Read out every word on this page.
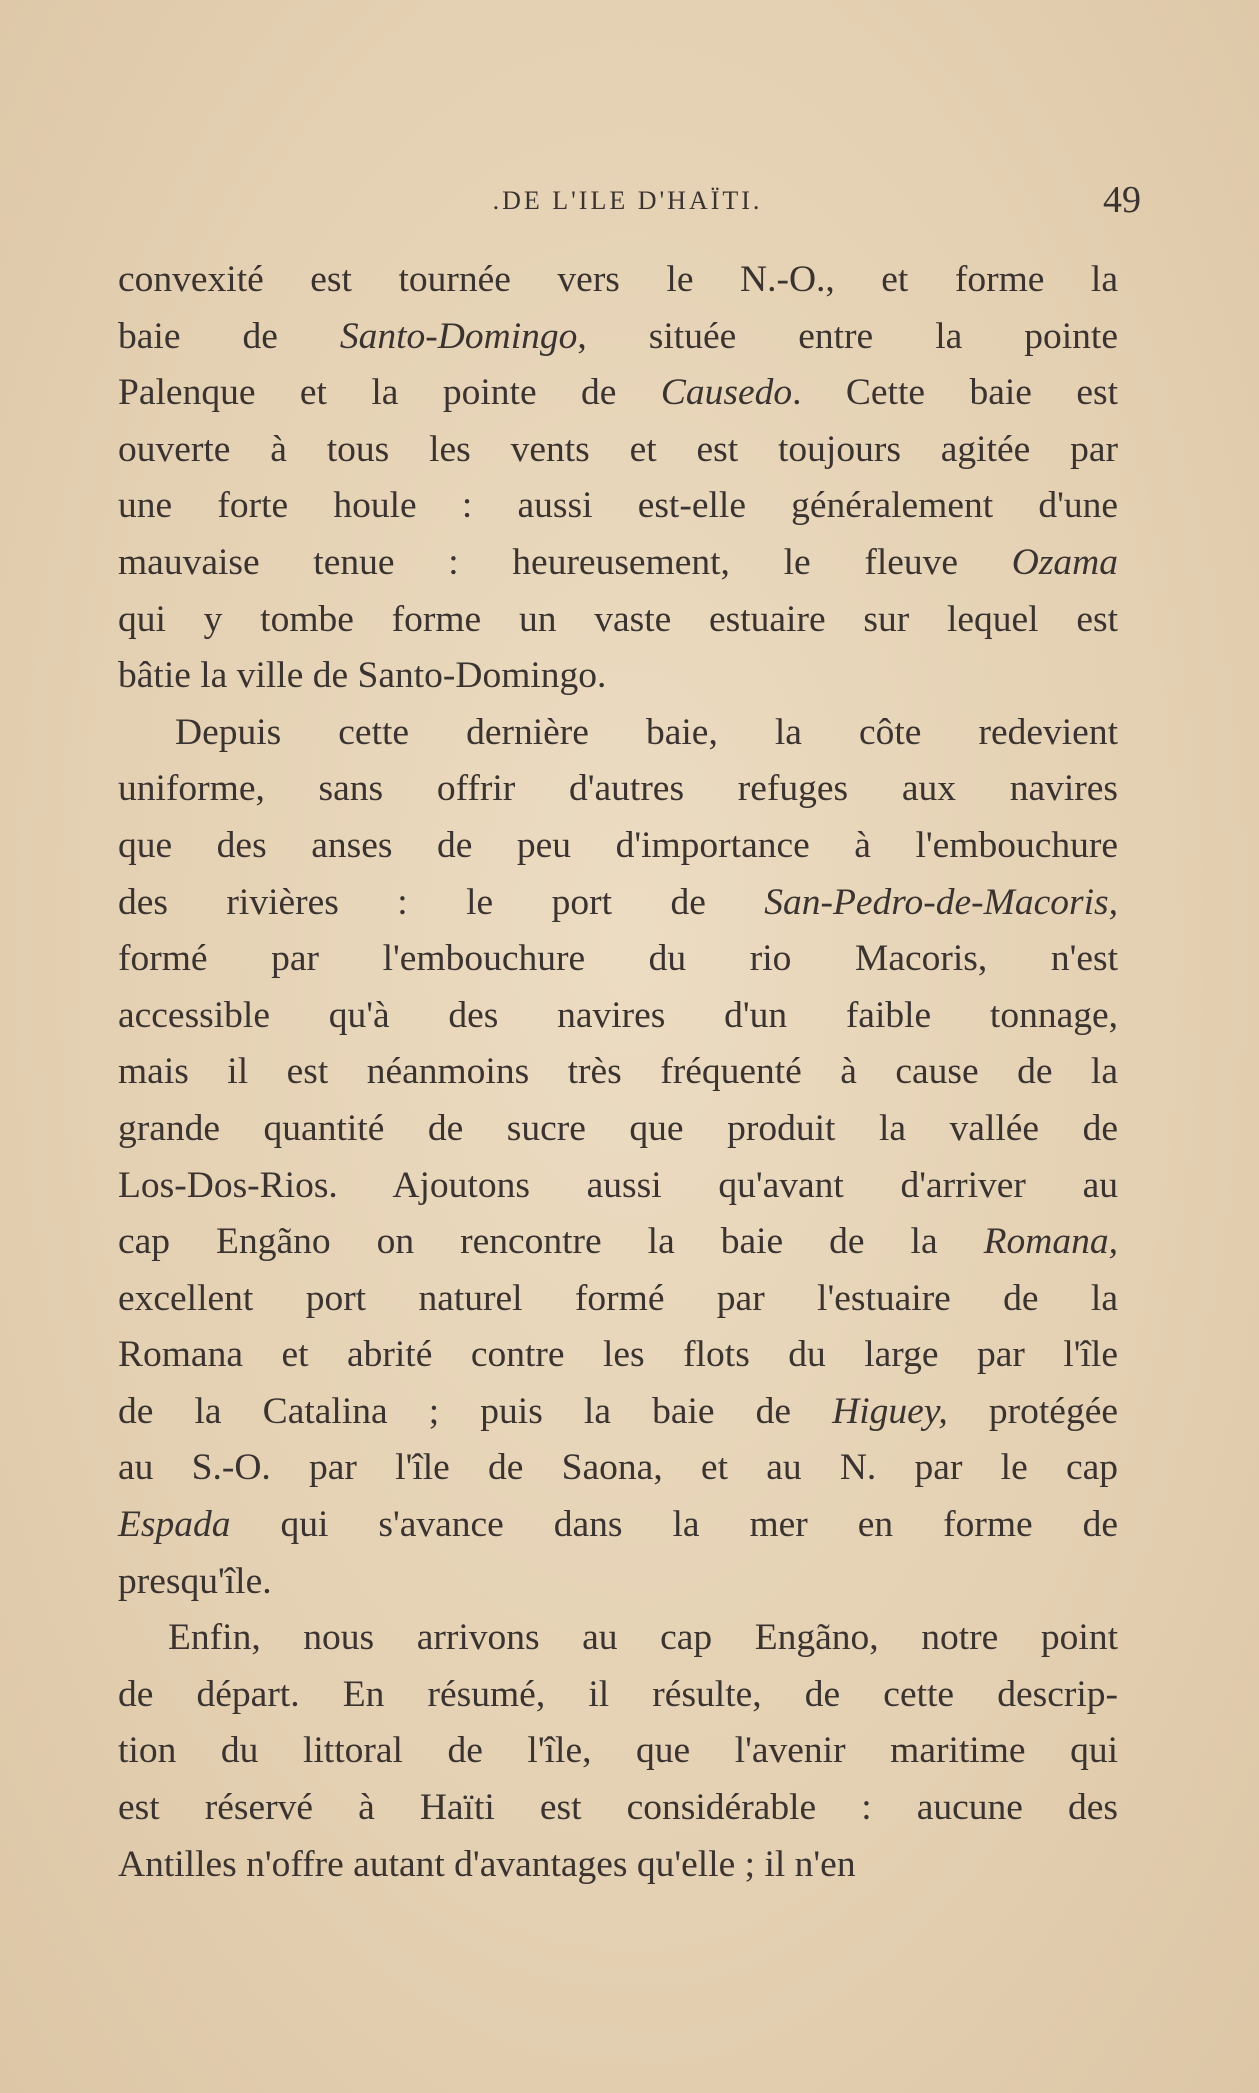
.DE L'ILE D'HAÏTI.	49
convexité est tournée vers le N.-O., et forme la
baie de Santo-Domingo, située entre la pointe
Palenque et la pointe de Causedo. Cette baie est
ouverte à tous les vents et est toujours agitée par
une forte houle : aussi est-elle généralement d'une
mauvaise tenue : heureusement, le fleuve Ozama
qui y tombe forme un vaste estuaire sur lequel est
bâtie la ville de Santo-Domingo.
Depuis cette dernière baie, la côte redevient
uniforme, sans offrir d'autres refuges aux navires
que des anses de peu d'importance à l'embouchure
des rivières : le port de San-Pedro-de-Macoris,
formé par l'embouchure du rio Macoris, n'est
accessible qu'à des navires d'un faible tonnage,
mais il est néanmoins très fréquenté à cause de la
grande quantité de sucre que produit la vallée de
Los-Dos-Rios. Ajoutons aussi qu'avant d'arriver au
cap Engãno on rencontre la baie de la Romana,
excellent port naturel formé par l'estuaire de la
Romana et abrité contre les flots du large par l'île
de la Catalina ; puis la baie de Higuey, protégée
au S.-O. par l'île de Saona, et au N. par le cap
Espada qui s'avance dans la mer en forme de
presqu'île.
Enfin, nous arrivons au cap Engãno, notre point
de départ. En résumé, il résulte, de cette descrip-
tion du littoral de l'île, que l'avenir maritime qui
est réservé à Haïti est considérable : aucune des
Antilles n'offre autant d'avantages qu'elle ; il n'en
